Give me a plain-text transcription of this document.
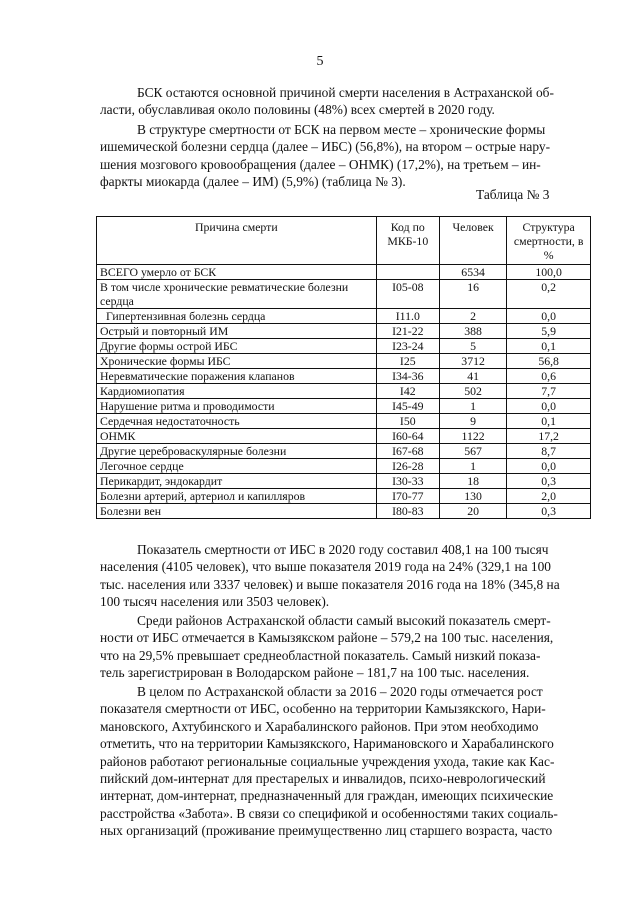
5
БСК остаются основной причиной смерти населения в Астраханской об-
ласти, обуславливая около половины (48%) всех смертей в 2020 году.
В структуре смертности от БСК на первом месте – хронические формы
ишемической болезни сердца (далее – ИБС) (56,8%), на втором – острые нару-
шения мозгового кровообращения (далее – ОНМК) (17,2%), на третьем – ин-
фаркты миокарда (далее – ИМ) (5,9%) (таблица № 3).
Таблица № 3
Причина смерти	Код по МКБ-10	Человек	Структура смертности, в %
ВСЕГО умерло от БСК		6534	100,0
В том числе хронические ревматические болезни сердца	I05-08	16	0,2
Гипертензивная болезнь сердца	I11.0	2	0,0
Острый и повторный ИМ	I21-22	388	5,9
Другие формы острой ИБС	I23-24	5	0,1
Хронические формы ИБС	I25	3712	56,8
Неревматические поражения клапанов	I34-36	41	0,6
Кардиомиопатия	I42	502	7,7
Нарушение ритма и проводимости	I45-49	1	0,0
Сердечная недостаточность	I50	9	0,1
ОНМК	I60-64	1122	17,2
Другие цереброваскулярные болезни	I67-68	567	8,7
Легочное сердце	I26-28	1	0,0
Перикардит, эндокардит	I30-33	18	0,3
Болезни артерий, артериол и капилляров	I70-77	130	2,0
Болезни вен	I80-83	20	0,3
Показатель смертности от ИБС в 2020 году составил 408,1 на 100 тысяч
населения (4105 человек), что выше показателя 2019 года на 24% (329,1 на 100
тыс. населения или 3337 человек) и выше показателя 2016 года на 18% (345,8 на
100 тысяч населения или 3503 человек).
Среди районов Астраханской области самый высокий показатель смерт-
ности от ИБС отмечается в Камызякском районе – 579,2 на 100 тыс. населения,
что на 29,5% превышает среднеобластной показатель. Самый низкий показа-
тель зарегистрирован в Володарском районе – 181,7 на 100 тыс. населения.
В целом по Астраханской области за 2016 – 2020 годы отмечается рост
показателя смертности от ИБС, особенно на территории Камызякского, Нари-
мановского, Ахтубинского и Харабалинского районов. При этом необходимо
отметить, что на территории Камызякского, Наримановского и Харабалинского
районов работают региональные социальные учреждения ухода, такие как Кас-
пийский дом-интернат для престарелых и инвалидов, психо-неврологический
интернат, дом-интернат, предназначенный для граждан, имеющих психические
расстройства «Забота». В связи со спецификой и особенностями таких социаль-
ных организаций (проживание преимущественно лиц старшего возраста, часто
